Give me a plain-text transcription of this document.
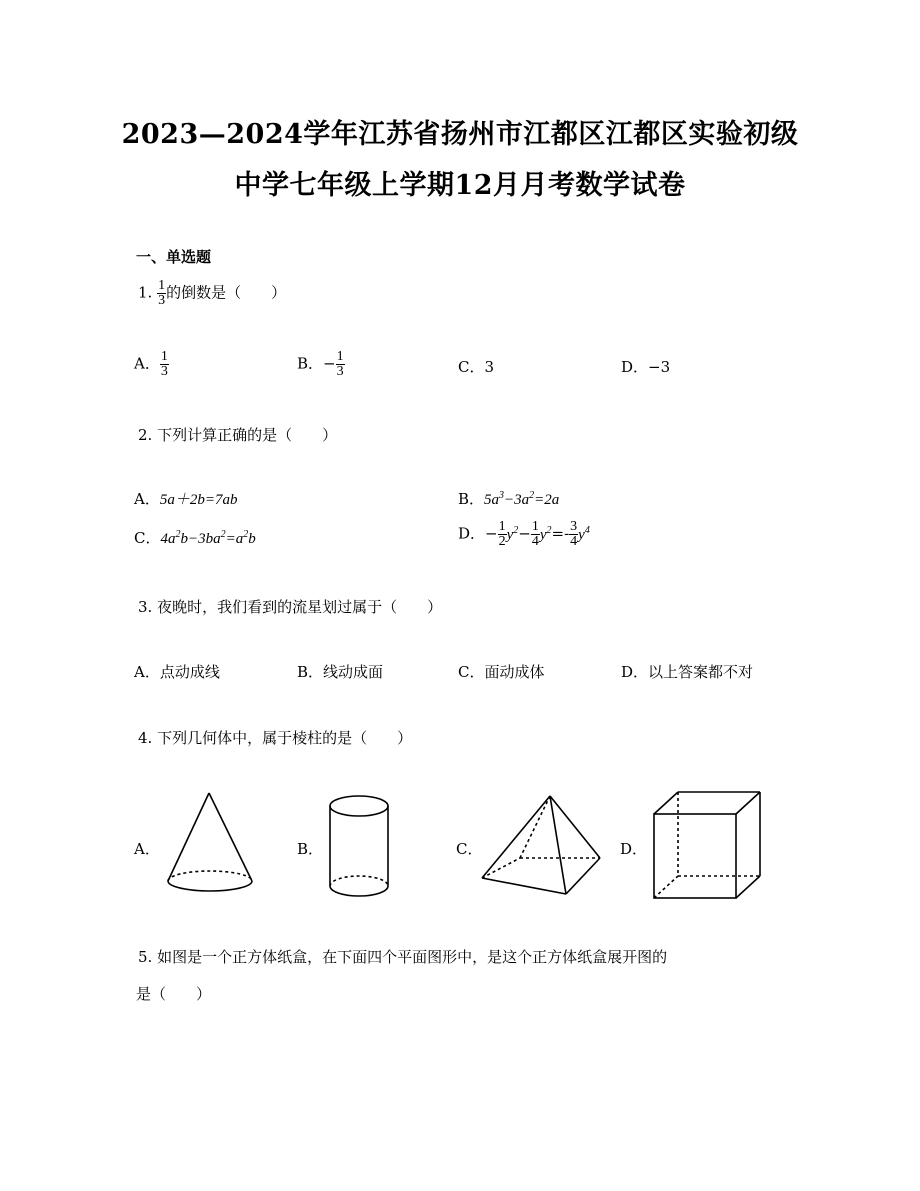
2023—2024学年江苏省扬州市江都区江都区实验初级
中学七年级上学期12月月考数学试卷
一、单选题
1. $\frac{1}{3}$ 的倒数是（　　）
A． $\frac{1}{3}$	B．− $\frac{1}{3}$	C．3	D．−3
2. 下列计算正确的是（　　）
A．5a＋2b=7ab	B．$5a^3-3a^2=2a$
C．$4a^2b-3ba^2=a^2b$	D．− $\frac{1}{2} y^2- \frac{1}{4} y^2=- \frac{3}{4} y^4$
3. 夜晚时，我们看到的流星划过属于（　　）
A．点动成线	B．线动成面	C．面动成体	D．以上答案都不对
4. 下列几何体中，属于棱柱的是（　　）
A．	B．	C．	D．
5. 如图是一个正方体纸盒，在下面四个平面图形中，是这个正方体纸盒展开图的
是（　　）
